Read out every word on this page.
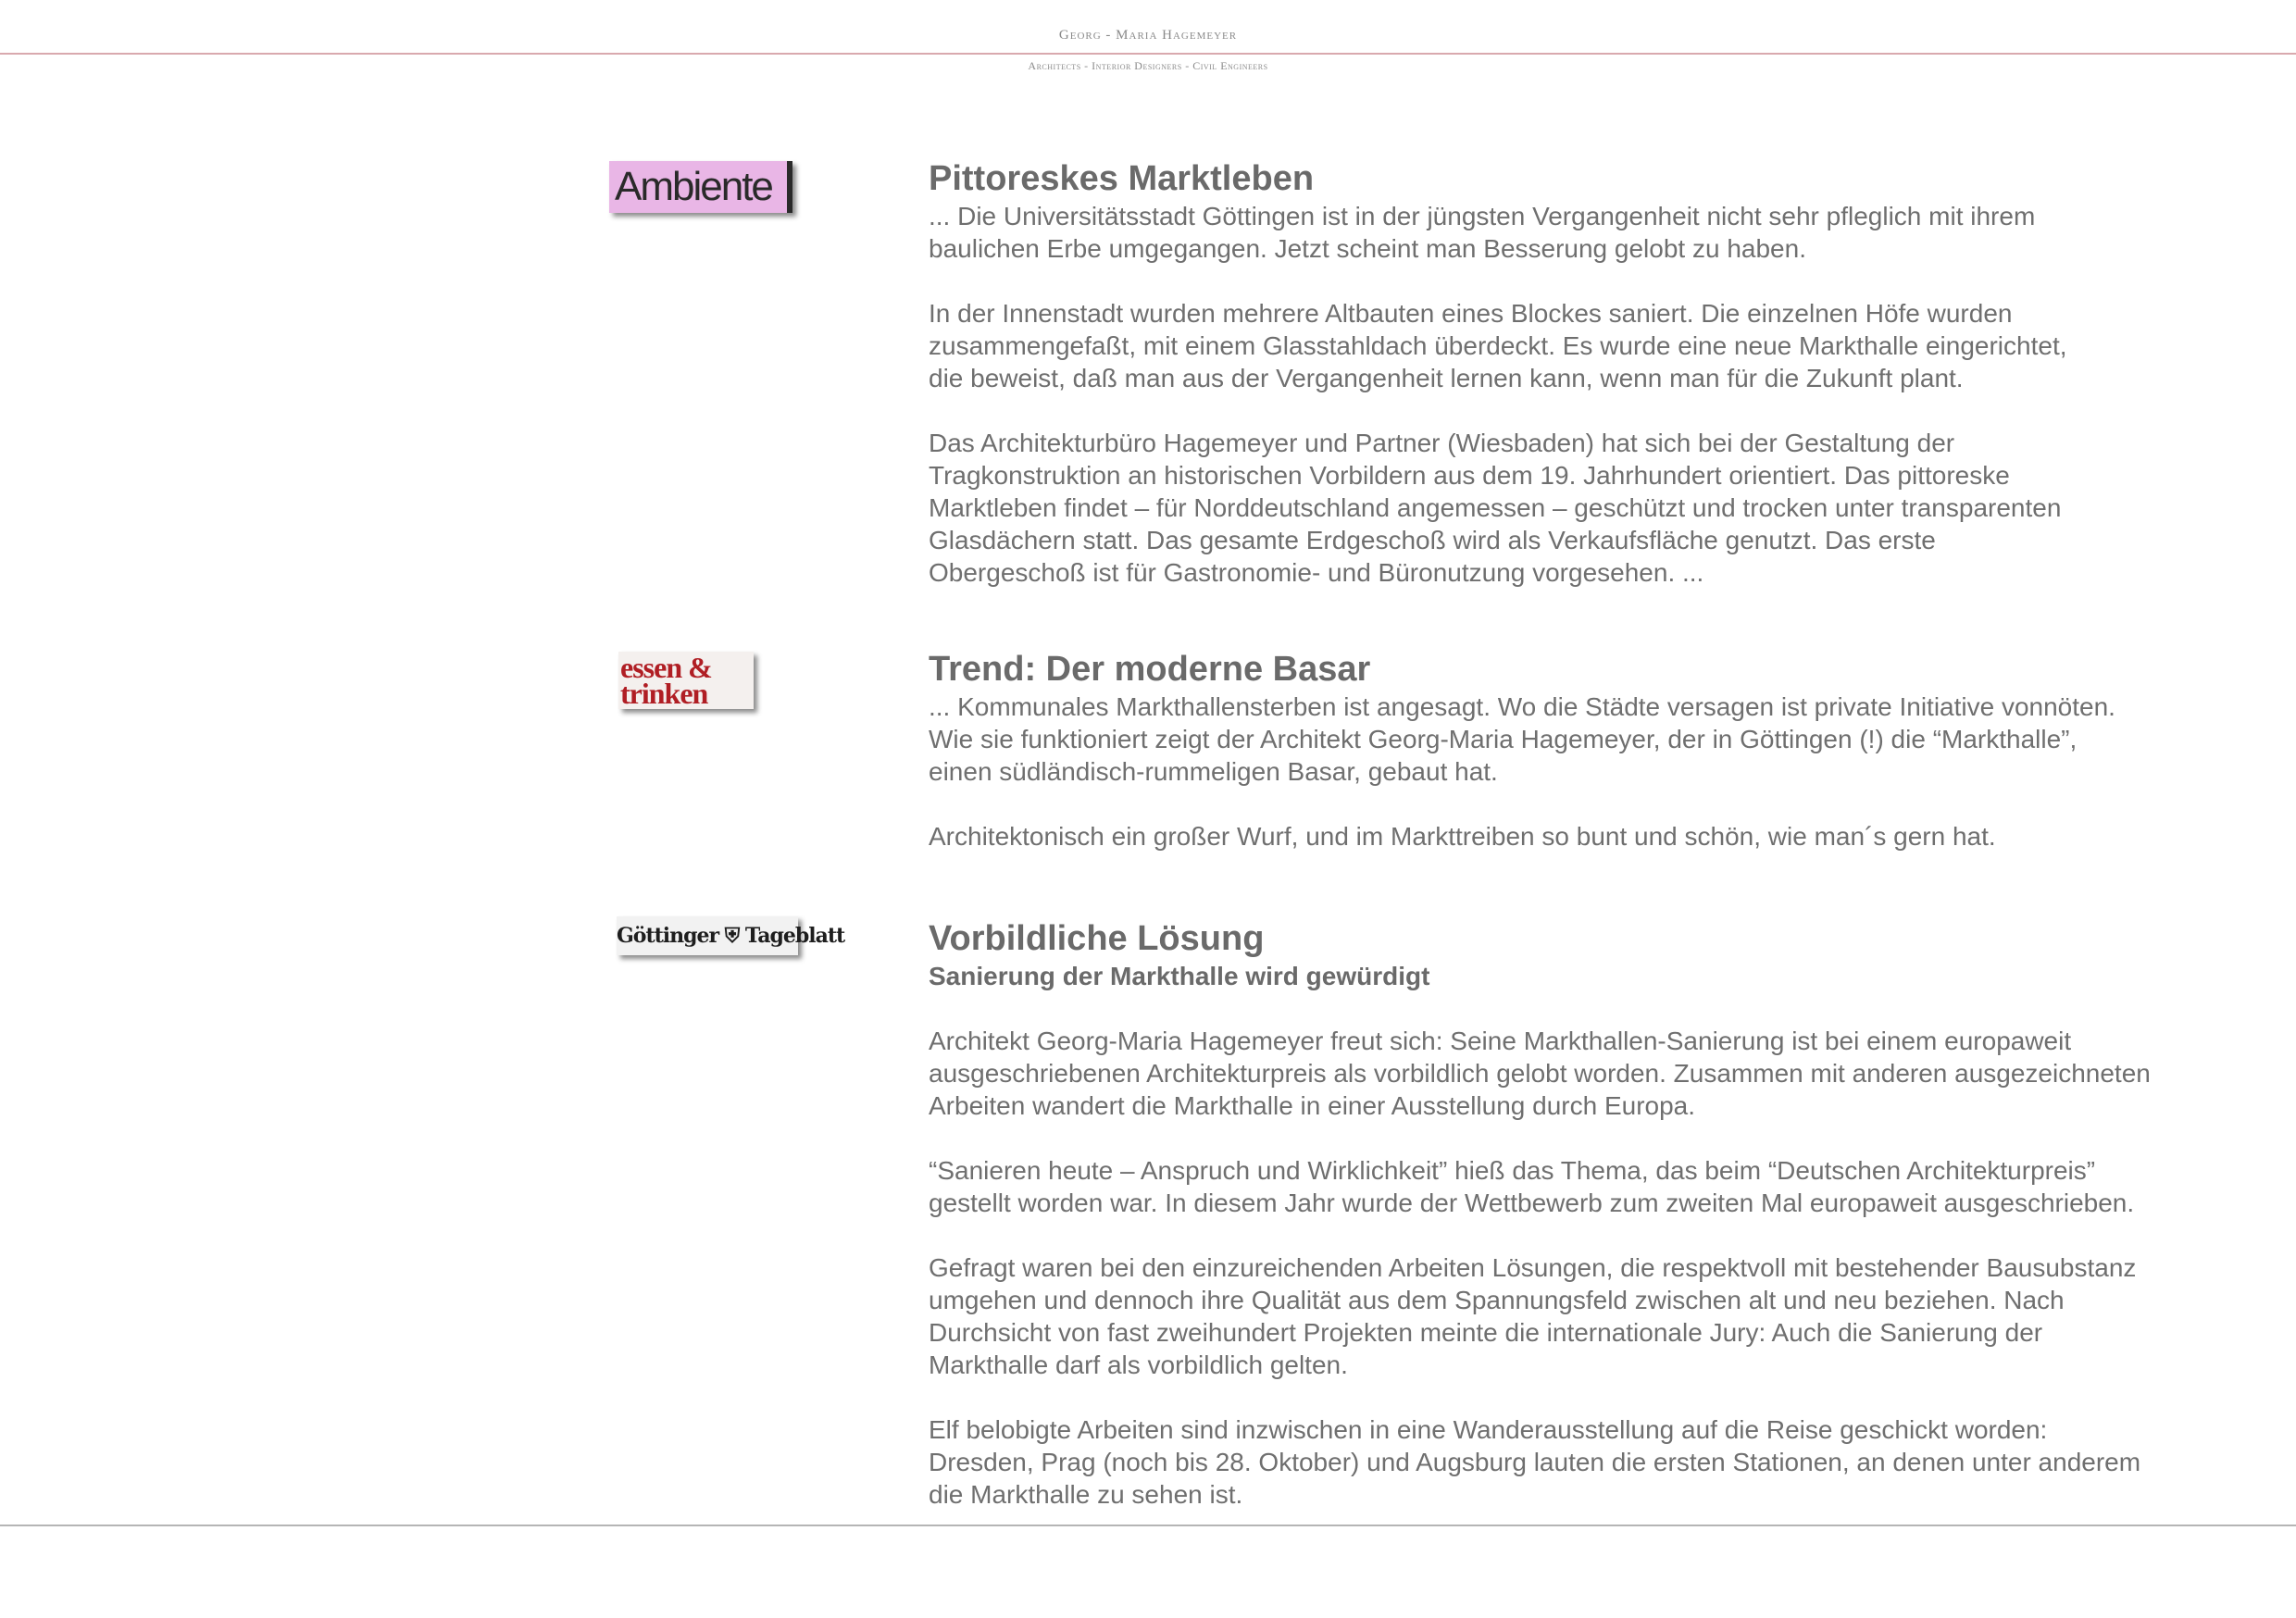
Georg - Maria Hagemeyer
Architects - Interior Designers - Civil Engineers
Ambiente
essen &
trinken
Göttinger ⛨ Tageblatt
Pittoreskes Marktleben

... Die Universitätsstadt Göttingen ist in der jüngsten Vergangenheit nicht sehr pfleglich mit ihrem
baulichen Erbe umgegangen. Jetzt scheint man Besserung gelobt zu haben.

In der Innenstadt wurden mehrere Altbauten eines Blockes saniert. Die einzelnen Höfe wurden
zusammengefaßt, mit einem Glasstahldach überdeckt. Es wurde eine neue Markthalle eingerichtet,
die beweist, daß man aus der Vergangenheit lernen kann, wenn man für die Zukunft plant.

Das Architekturbüro Hagemeyer und Partner (Wiesbaden) hat sich bei der Gestaltung der
Tragkonstruktion an historischen Vorbildern aus dem 19. Jahrhundert orientiert. Das pittoreske
Marktleben findet – für Norddeutschland angemessen – geschützt und trocken unter transparenten
Glasdächern statt. Das gesamte Erdgeschoß wird als Verkaufsfläche genutzt. Das erste
Obergeschoß ist für Gastronomie- und Büronutzung vorgesehen. ...

Trend: Der moderne Basar

... Kommunales Markthallensterben ist angesagt. Wo die Städte versagen ist private Initiative vonnöten.
Wie sie funktioniert zeigt der Architekt Georg-Maria Hagemeyer, der in Göttingen (!) die “Markthalle”,
einen südländisch-rummeligen Basar, gebaut hat.

Architektonisch ein großer Wurf, und im Markttreiben so bunt und schön, wie man´s gern hat.

Vorbildliche Lösung
Sanierung der Markthalle wird gewürdigt

Architekt Georg-Maria Hagemeyer freut sich: Seine Markthallen-Sanierung ist bei einem europaweit
ausgeschriebenen Architekturpreis als vorbildlich gelobt worden. Zusammen mit anderen ausgezeichneten
Arbeiten wandert die Markthalle in einer Ausstellung durch Europa.

“Sanieren heute – Anspruch und Wirklichkeit” hieß das Thema, das beim “Deutschen Architekturpreis”
gestellt worden war. In diesem Jahr wurde der Wettbewerb zum zweiten Mal europaweit ausgeschrieben.

Gefragt waren bei den einzureichenden Arbeiten Lösungen, die respektvoll mit bestehender Bausubstanz
umgehen und dennoch ihre Qualität aus dem Spannungsfeld zwischen alt und neu beziehen. Nach
Durchsicht von fast zweihundert Projekten meinte die internationale Jury: Auch die Sanierung der
Markthalle darf als vorbildlich gelten.

Elf belobigte Arbeiten sind inzwischen in eine Wanderausstellung auf die Reise geschickt worden:
Dresden, Prag (noch bis 28. Oktober) und Augsburg lauten die ersten Stationen, an denen unter anderem
die Markthalle zu sehen ist.
